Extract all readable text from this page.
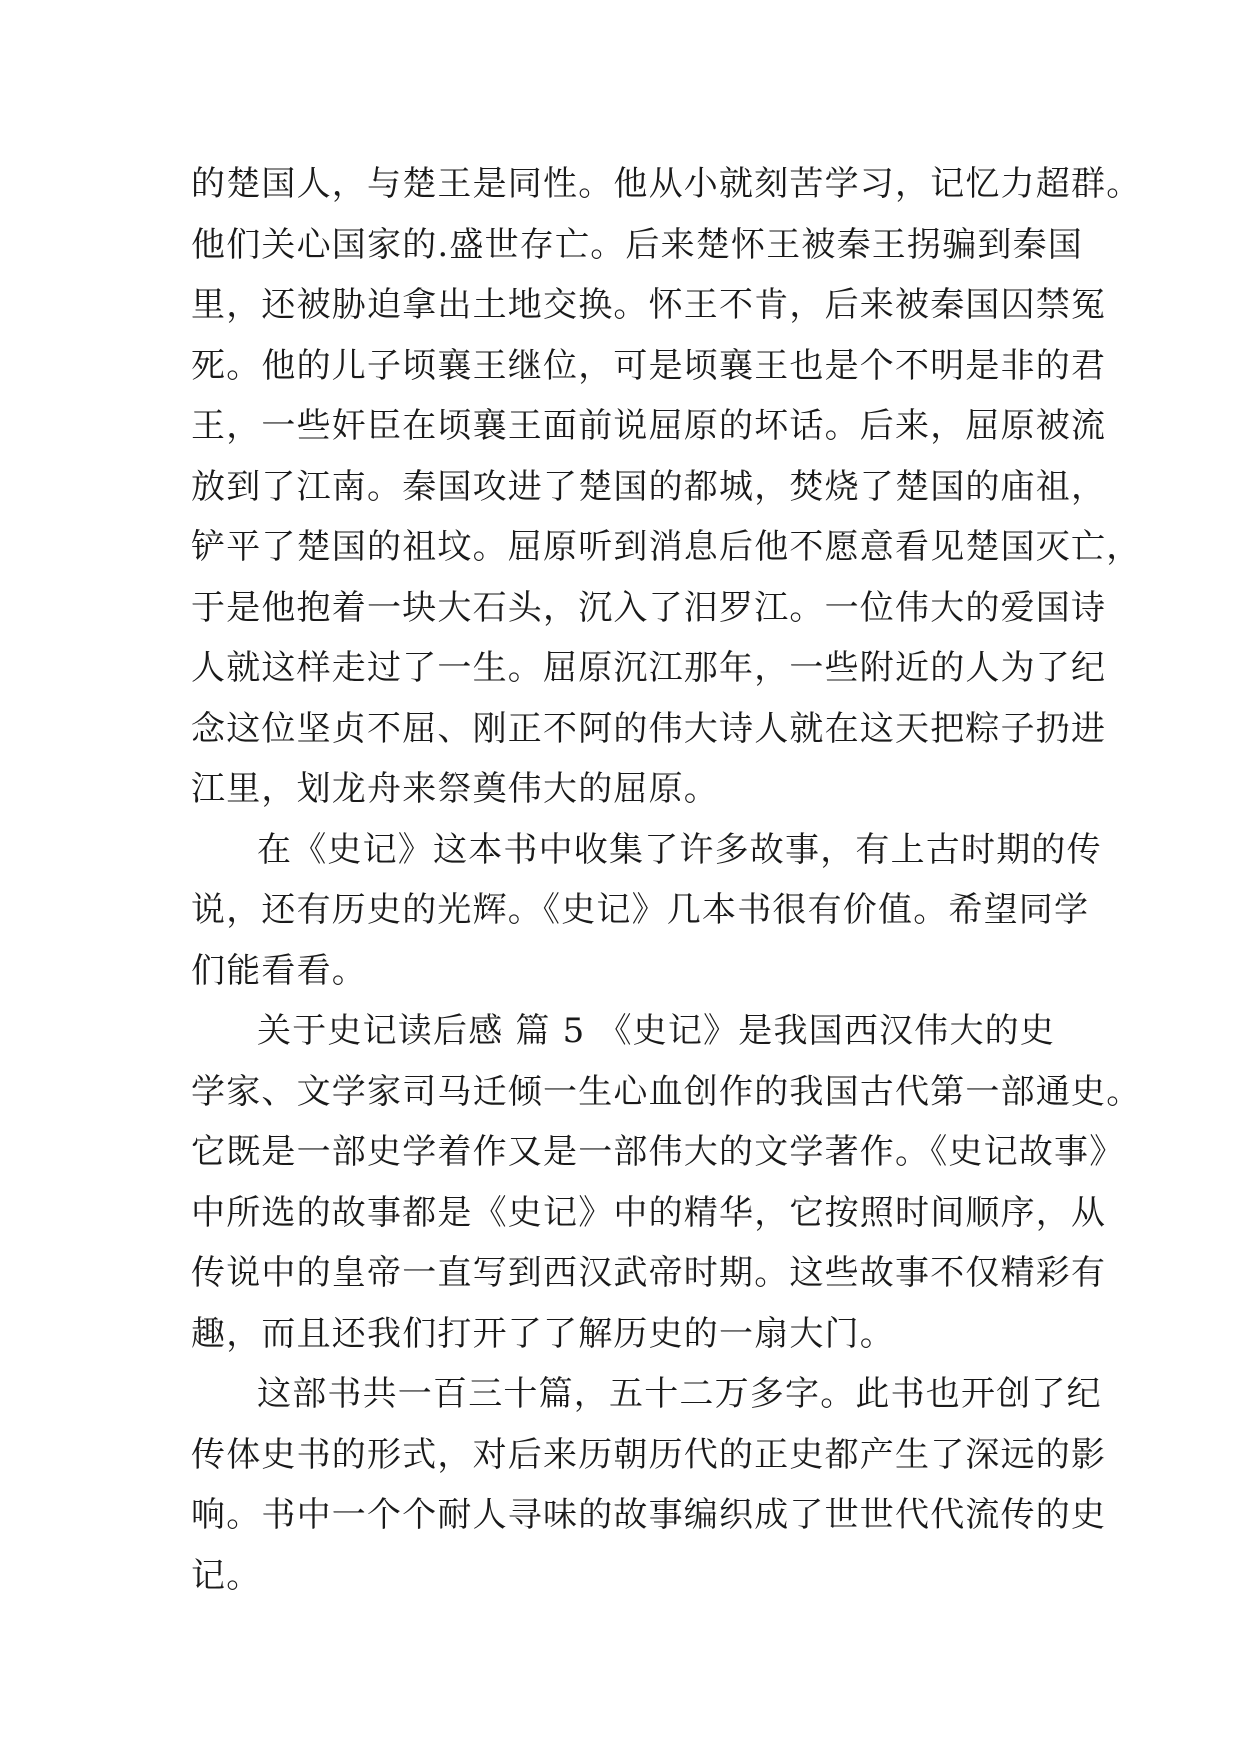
的楚国人，与楚王是同性。他从小就刻苦学习，记忆力超群。
他们关心国家的.盛世存亡。后来楚怀王被秦王拐骗到秦国
里，还被胁迫拿出土地交换。怀王不肯，后来被秦国囚禁冤
死。他的儿子顷襄王继位，可是顷襄王也是个不明是非的君
王，一些奸臣在顷襄王面前说屈原的坏话。后来，屈原被流
放到了江南。秦国攻进了楚国的都城，焚烧了楚国的庙祖，
铲平了楚国的祖坟。屈原听到消息后他不愿意看见楚国灭亡，
于是他抱着一块大石头，沉入了汨罗江。一位伟大的爱国诗
人就这样走过了一生。屈原沉江那年，一些附近的人为了纪
念这位坚贞不屈、刚正不阿的伟大诗人就在这天把粽子扔进
江里，划龙舟来祭奠伟大的屈原。
在《史记》这本书中收集了许多故事，有上古时期的传
说，还有历史的光辉。《史记》几本书很有价值。希望同学
们能看看。
关于史记读后感 篇 5 《史记》是我国西汉伟大的史
学家、文学家司马迁倾一生心血创作的我国古代第一部通史。
它既是一部史学着作又是一部伟大的文学著作。《史记故事》
中所选的故事都是《史记》中的精华，它按照时间顺序，从
传说中的皇帝一直写到西汉武帝时期。这些故事不仅精彩有
趣，而且还我们打开了了解历史的一扇大门。
这部书共一百三十篇，五十二万多字。此书也开创了纪
传体史书的形式，对后来历朝历代的正史都产生了深远的影
响。书中一个个耐人寻味的故事编织成了世世代代流传的史
记。
